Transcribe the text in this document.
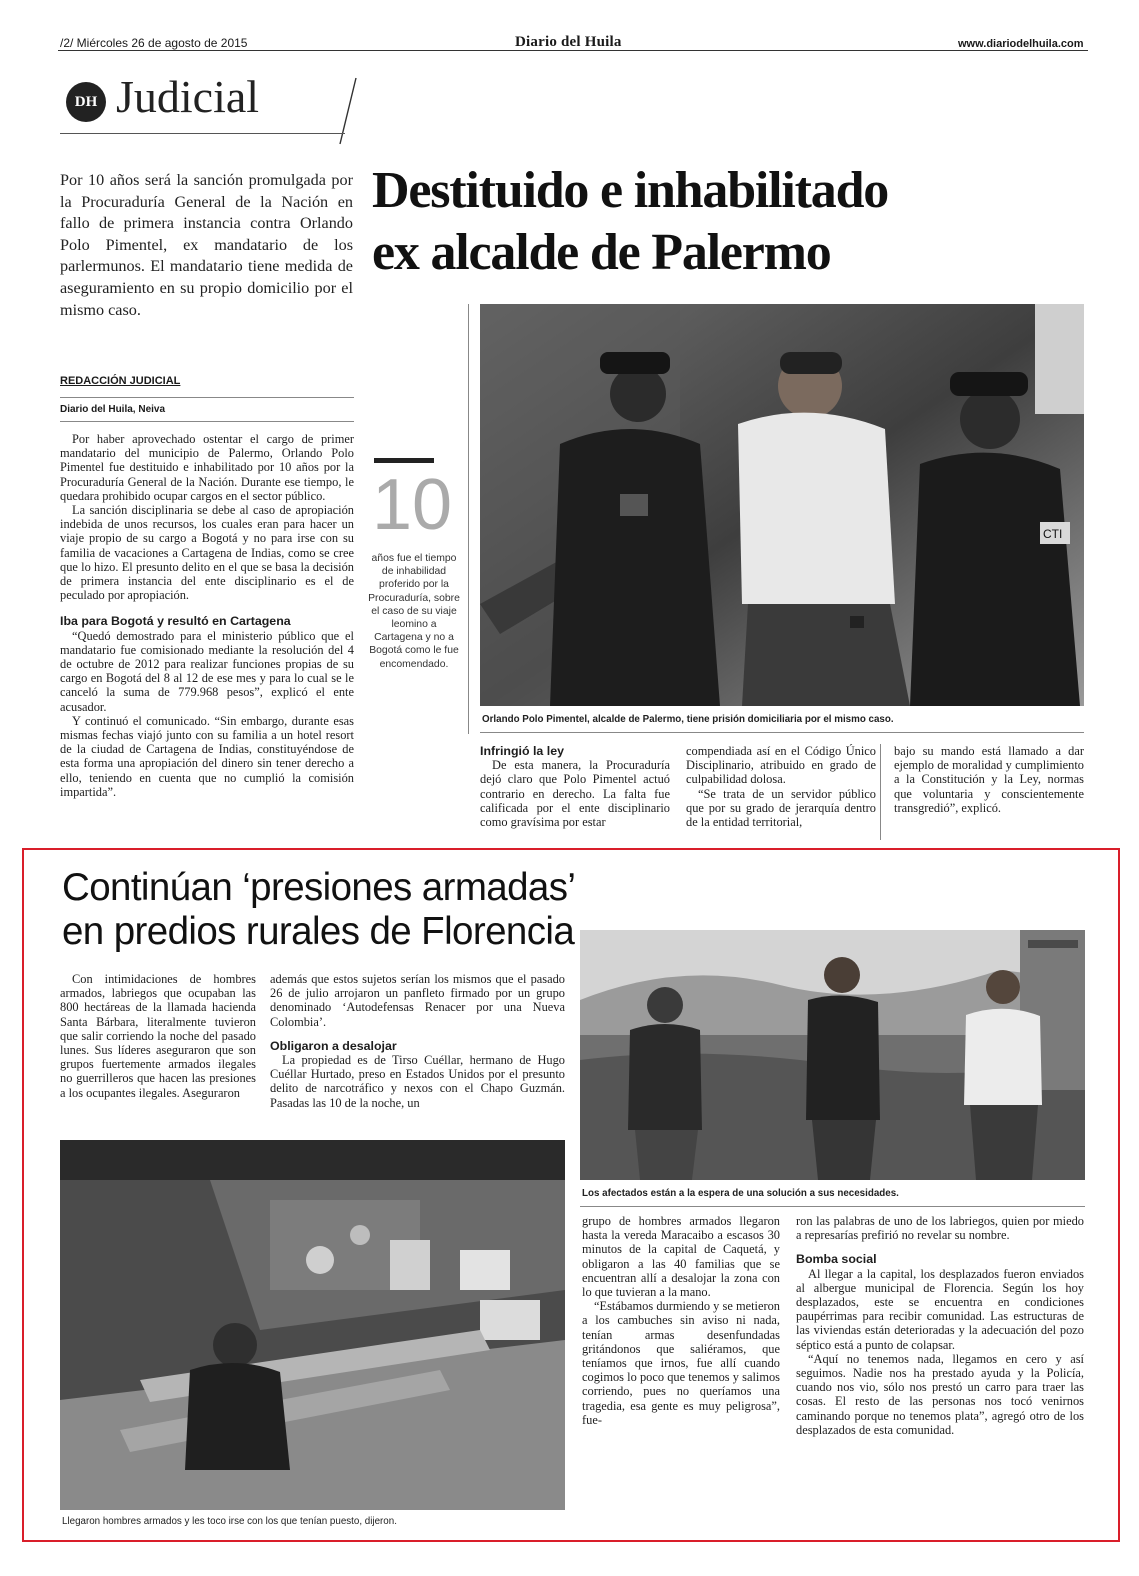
/2/ Miércoles 26 de agosto de 2015	Diario del Huila	www.diariodelhuila.com
DH Judicial
Por 10 años será la sanción promulgada por la Procuraduría General de la Nación en fallo de primera instancia contra Orlando Polo Pimentel, ex mandatario de los parlermunos. El mandatario tiene medida de aseguramiento en su propio domicilio por el mismo caso.
Destituido e inhabilitado
ex alcalde de Palermo
REDACCIÓN JUDICIAL
Diario del Huila, Neiva

Por haber aprovechado ostentar el cargo de primer mandatario del municipio de Palermo, Orlando Polo Pimentel fue destituido e inhabilitado por 10 años por la Procuraduría General de la Nación. Durante ese tiempo, le quedara prohibido ocupar cargos en el sector público.

La sanción disciplinaria se debe al caso de apropiación indebida de unos recursos, los cuales eran para hacer un viaje propio de su cargo a Bogotá y no para irse con su familia de vacaciones a Cartagena de Indias, como se cree que lo hizo. El presunto delito en el que se basa la decisión de primera instancia del ente disciplinario es el de peculado por apropiación.

Iba para Bogotá y resultó en Cartagena

“Quedó demostrado para el ministerio público que el mandatario fue comisionado mediante la resolución del 4 de octubre de 2012 para realizar funciones propias de su cargo en Bogotá del 8 al 12 de ese mes y para lo cual se le canceló la suma de 779.968 pesos”, explicó el ente acusador.

Y continuó el comunicado. “Sin embargo, durante esas mismas fechas viajó junto con su familia a un hotel resort de la ciudad de Cartagena de Indias, constituyéndose de esta forma una apropiación del dinero sin tener derecho a ello, teniendo en cuenta que no cumplió la comisión impartida”.

10
años fue el tiempo de inhabilidad proferido por la Procuraduría, sobre el caso de su viaje leomino a Cartagena y no a Bogotá como le fue encomendado.
CTI
Orlando Polo Pimentel, alcalde de Palermo, tiene prisión domiciliaria por el mismo caso.
Infringió la ley

De esta manera, la Procuraduría dejó claro que Polo Pimentel actuó contrario en derecho. La falta fue calificada por el ente disciplinario como gravísima por estar

compendiada así en el Código Único Disciplinario, atribuido en grado de culpabilidad dolosa.

“Se trata de un servidor público que por su grado de jerarquía dentro de la entidad territorial,

bajo su mando está llamado a dar ejemplo de moralidad y cumplimiento a la Constitución y la Ley, normas que voluntaria y conscientemente transgredió”, explicó.

Continúan ‘presiones armadas’
en predios rurales de Florencia

Con intimidaciones de hombres armados, labriegos que ocupaban las 800 hectáreas de la llamada hacienda Santa Bárbara, literalmente tuvieron que salir corriendo la noche del pasado lunes. Sus líderes aseguraron que son grupos fuertemente armados ilegales no guerrilleros que hacen las presiones a los ocupantes ilegales. Aseguraron

además que estos sujetos serían los mismos que el pasado 26 de julio arrojaron un panfleto firmado por un grupo denominado ‘Autodefensas Renacer por una Nueva Colombia’.

Obligaron a desalojar

La propiedad es de Tirso Cuéllar, hermano de Hugo Cuéllar Hurtado, preso en Estados Unidos por el presunto delito de narcotráfico y nexos con el Chapo Guzmán. Pasadas las 10 de la noche, un

Los afectados están a la espera de una solución a sus necesidades.
Llegaron hombres armados y les toco irse con los que tenían puesto, dijeron.

grupo de hombres armados llegaron hasta la vereda Maracaibo a escasos 30 minutos de la capital de Caquetá, y obligaron a las 40 familias que se encuentran allí a desalojar la zona con lo que tuvieran a la mano.

“Estábamos durmiendo y se metieron a los cambuches sin aviso ni nada, tenían armas desenfundadas gritándonos que saliéramos, que teníamos que irnos, fue allí cuando cogimos lo poco que tenemos y salimos corriendo, pues no queríamos una tragedia, esa gente es muy peligrosa”, fue-

ron las palabras de uno de los labriegos, quien por miedo a represarías prefirió no revelar su nombre.

Bomba social

Al llegar a la capital, los desplazados fueron enviados al albergue municipal de Florencia. Según los hoy desplazados, este se encuentra en condiciones paupérrimas para recibir comunidad. Las estructuras de las viviendas están deterioradas y la adecuación del pozo séptico está a punto de colapsar.

“Aquí no tenemos nada, llegamos en cero y así seguimos. Nadie nos ha prestado ayuda y la Policía, cuando nos vio, sólo nos prestó un carro para traer las cosas. El resto de las personas nos tocó venirnos caminando porque no tenemos plata”, agregó otro de los desplazados de esta comunidad.
